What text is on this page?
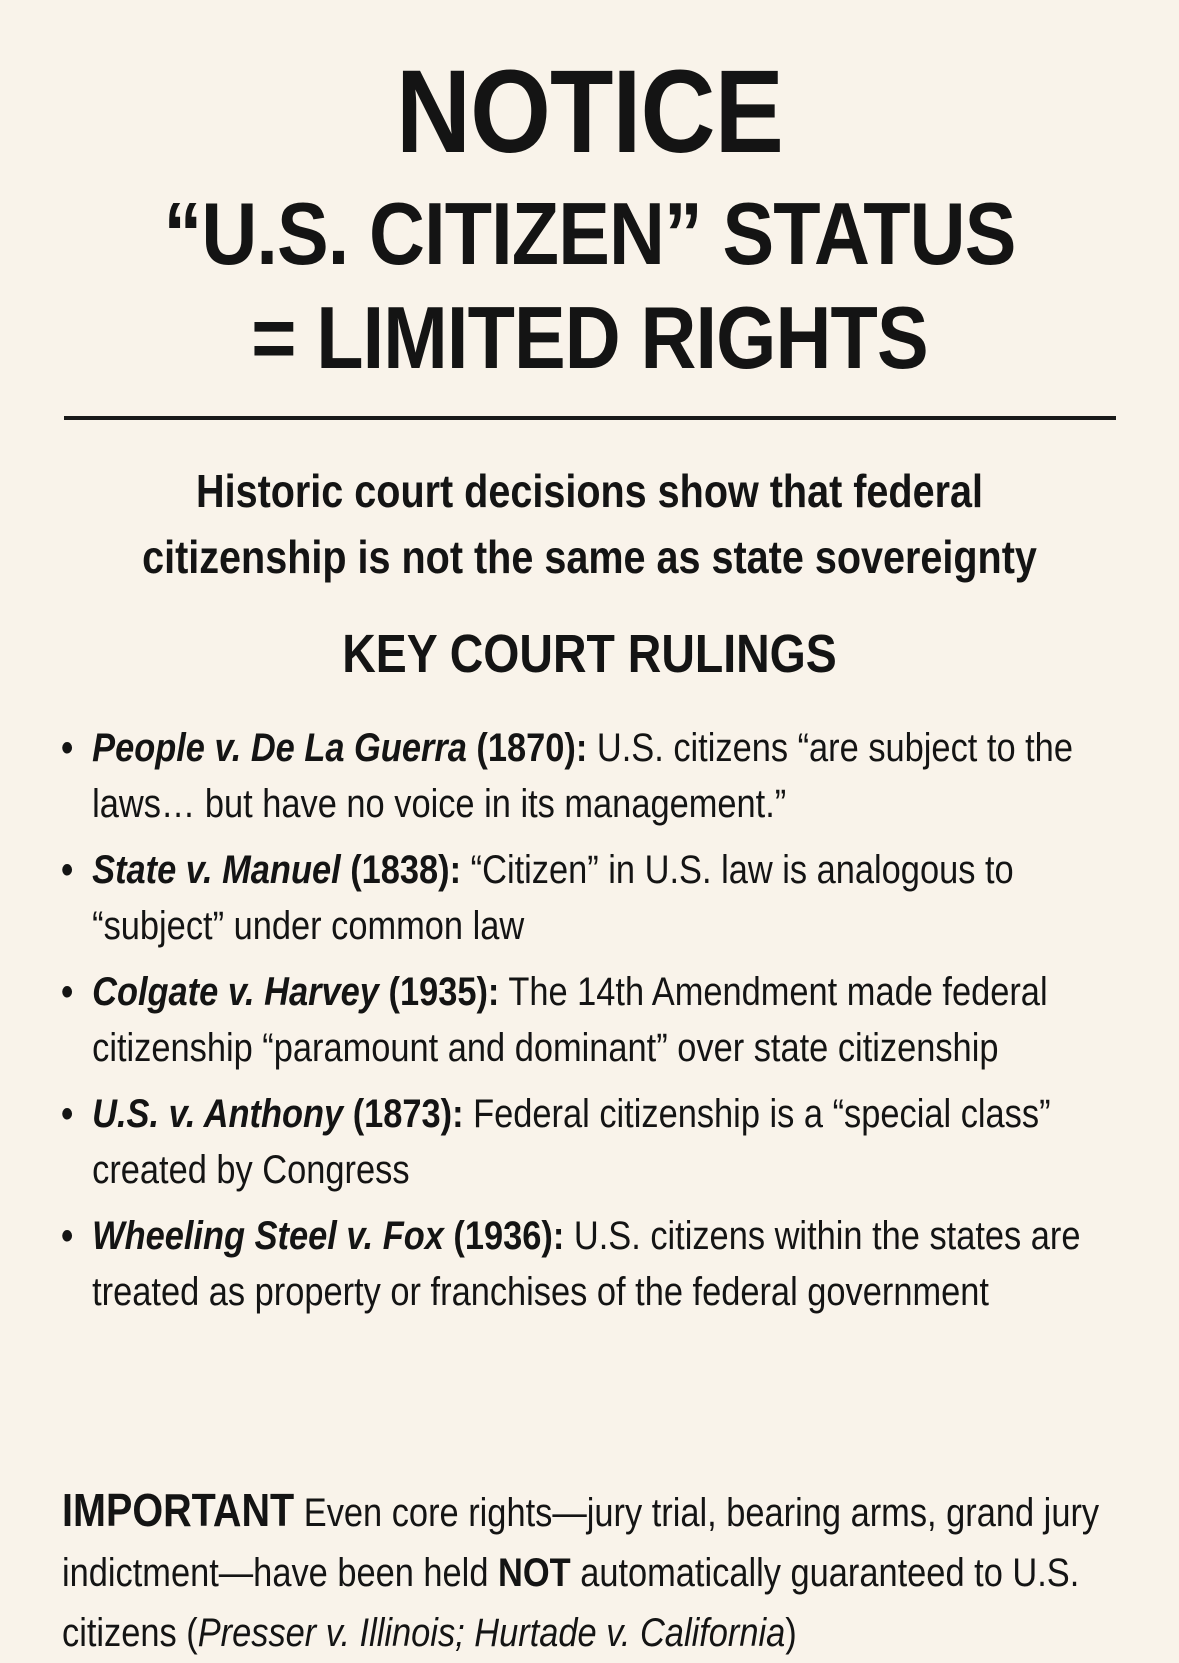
NOTICE
“U.S. CITIZEN” STATUS
= LIMITED RIGHTS

Historic court decisions show that federal
citizenship is not the same as state sovereignty

KEY COURT RULINGS
• People v. De La Guerra (1870): U.S. citizens “are subject to the laws… but have no voice in its management.”
• State v. Manuel (1838): “Citizen” in U.S. law is analogous to “subject” under common law
• Colgate v. Harvey (1935): The 14th Amendment made federal citizenship “paramount and dominant” over state citizenship
• U.S. v. Anthony (1873): Federal citizenship is a “special class” created by Congress
• Wheeling Steel v. Fox (1936): U.S. citizens within the states are treated as property or franchises of the federal government

IMPORTANT Even core rights—jury trial, bearing arms, grand jury indictment—have been held NOT automatically guaranteed to U.S. citizens (Presser v. Illinois; Hurtade v. California)
